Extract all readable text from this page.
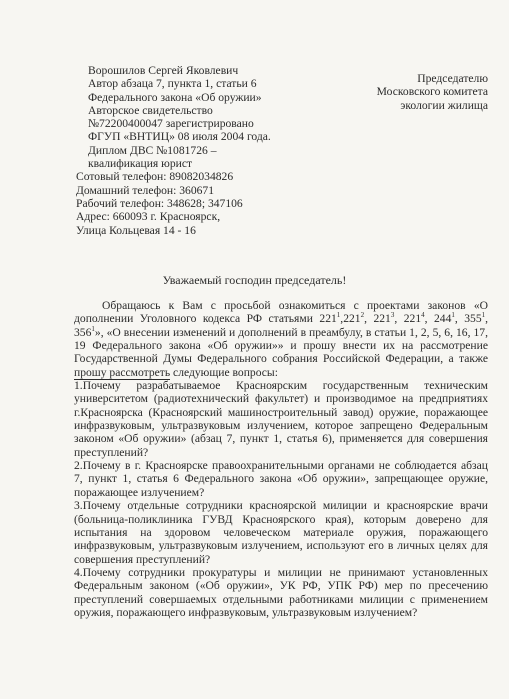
Ворошилов Сергей Яковлевич
Автор абзаца 7, пункта 1, статьи 6
Федерального закона «Об оружии»
Авторское свидетельство
№72200400047 зарегистрировано
ФГУП «ВНТИЦ» 08 июля 2004 года.
Диплом ДВС №1081726 –
квалификация юрист
Сотовый телефон: 89082034826
Домашний телефон: 360671
Рабочий телефон: 348628; 347106
Адрес: 660093 г. Красноярск,
Улица Кольцевая 14 - 16
Председателю
Московского комитета
экологии жилища
Уважаемый господин председатель!

Обращаюсь к Вам с просьбой ознакомиться с проектами законов «О дополнении Уголовного кодекса РФ статьями $221^1,221^2$, $221^3$, $221^4$, $244^1$, $355^1$, $356^1$», «О внесении изменений и дополнений в преамбулу, в статьи 1, 2, 5, 6, 16, 17, 19 Федерального закона «Об оружии»» и прошу внести их на рассмотрение Государственной Думы Федерального собрания Российской Федерации, а также прошу рассмотреть следующие вопросы:

1.Почему разрабатываемое Красноярским государственным техническим университетом (радиотехнический факультет) и производимое на предприятиях г.Красноярска (Красноярский машиностроительный завод) оружие, поражающее инфразвуковым, ультразвуковым излучением, которое запрещено Федеральным законом «Об оружии» (абзац 7, пункт 1, статья 6), применяется для совершения преступлений?

2.Почему в г. Красноярске правоохранительными органами не соблюдается абзац 7, пункт 1, статья 6 Федерального закона «Об оружии», запрещающее оружие, поражающее излучением?

3.Почему отдельные сотрудники красноярской милиции и красноярские врачи (больница-поликлиника ГУВД Красноярского края), которым доверено для испытания на здоровом человеческом материале оружия, поражающего инфразвуковым, ультразвуковым излучением, используют его в личных целях для совершения преступлений?

4.Почему сотрудники прокуратуры и милиции не принимают установленных Федеральным законом («Об оружии», УК РФ, УПК РФ) мер по пресечению преступлений совершаемых отдельными работниками милиции с применением оружия, поражающего инфразвуковым, ультразвуковым излучением?
